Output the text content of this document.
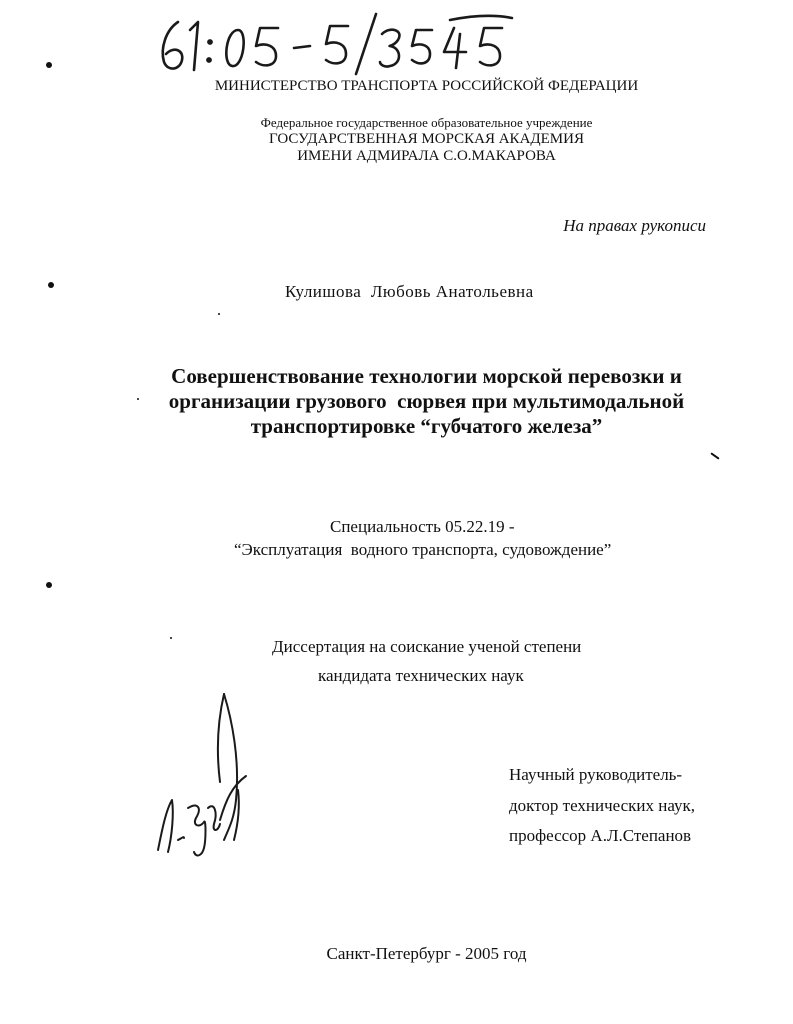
МИНИСТЕРСТВО ТРАНСПОРТА РОССИЙСКОЙ ФЕДЕРАЦИИ
Федеральное государственное образовательное учреждение
ГОСУДАРСТВЕННАЯ МОРСКАЯ АКАДЕМИЯ
ИМЕНИ АДМИРАЛА С.О.МАКАРОВА
На правах рукописи
Кулишова  Любовь Анатольевна
Совершенствование технологии морской перевозки и
организации грузового  сюрвея при мультимодальной
транспортировке “губчатого железа”
Специальность 05.22.19 -
“Эксплуатация  водного транспорта, судовождение”
Диссертация на соискание ученой степени
кандидата технических наук
Научный руководитель-
доктор технических наук,
профессор А.Л.Степанов
Санкт-Петербург - 2005 год
